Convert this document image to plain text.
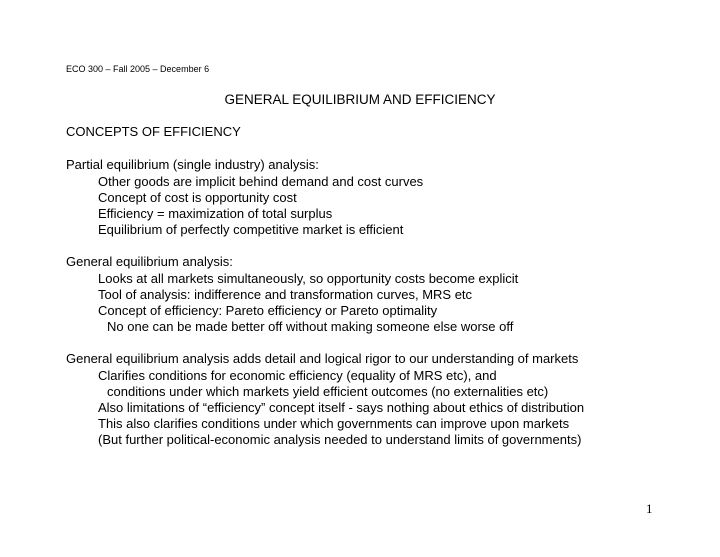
ECO 300 – Fall 2005 – December 6
GENERAL EQUILIBRIUM AND EFFICIENCY
CONCEPTS OF EFFICIENCY
Partial equilibrium (single industry) analysis:
Other goods are implicit behind demand and cost curves
Concept of cost is opportunity cost
Efficiency = maximization of total surplus
Equilibrium of perfectly competitive market is efficient
General equilibrium analysis:
Looks at all markets simultaneously, so opportunity costs become explicit
Tool of analysis: indifference and transformation curves, MRS etc
Concept of efficiency: Pareto efficiency or Pareto optimality
No one can be made better off without making someone else worse off
General equilibrium analysis adds detail and logical rigor to our understanding of markets
Clarifies conditions for economic efficiency (equality of MRS etc), and
conditions under which markets yield efficient outcomes (no externalities etc)
Also limitations of “efficiency” concept itself - says nothing about ethics of distribution
This also clarifies conditions under which governments can improve upon markets
(But further political-economic analysis needed to understand limits of governments)
1
